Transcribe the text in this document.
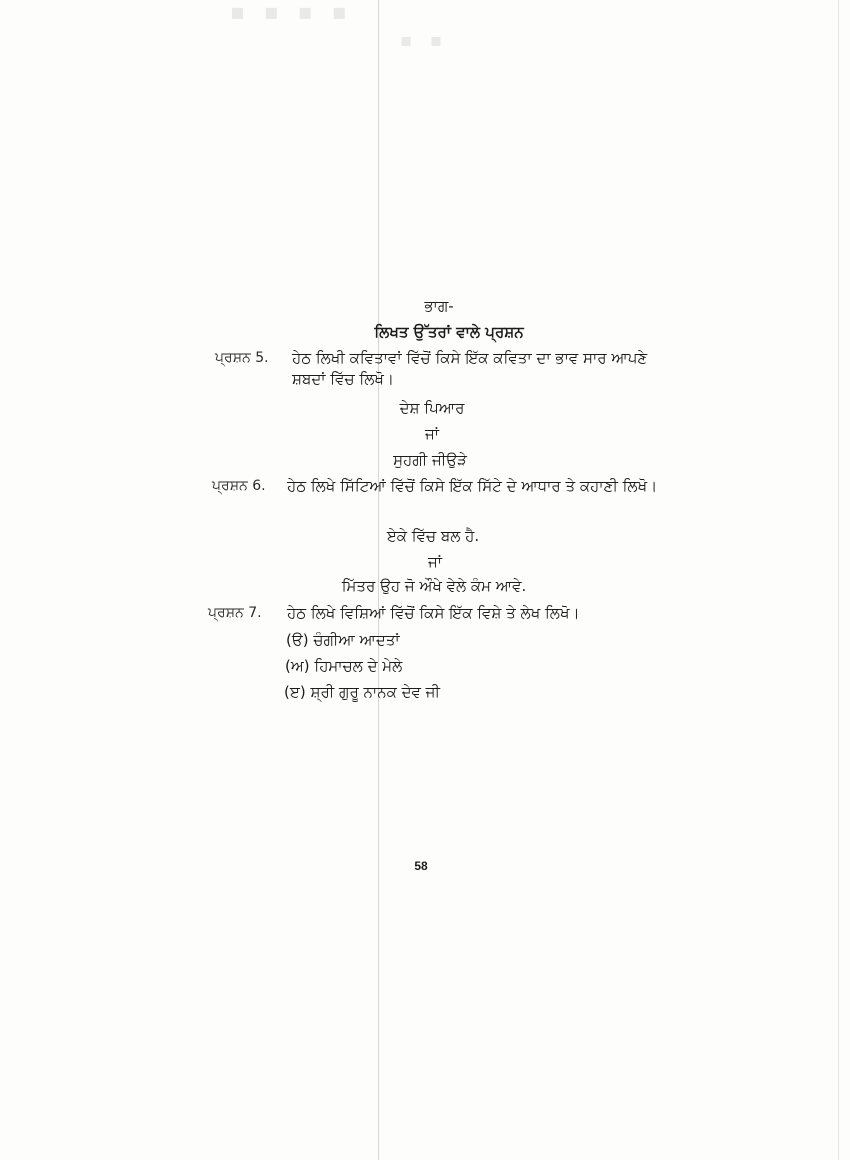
▪ ▪ ▪ ▪
▪ ▪
ਭਾਗ-
ਲਿਖਤ ਉੱਤਰਾਂ ਵਾਲੇ ਪ੍ਰਸ਼ਨ
ਪ੍ਰਸ਼ਨ 5. ਹੇਠ ਲਿਖੀ ਕਵਿਤਾਵਾਂ ਵਿੱਚੋਂ ਕਿਸੇ ਇੱਕ ਕਵਿਤਾ ਦਾ ਭਾਵ ਸਾਰ ਆਪਣੇ ਸ਼ਬਦਾਂ ਵਿੱਚ ਲਿਖੋ।
ਦੇਸ਼ ਪਿਆਰ
ਜਾਂ
ਸੁਹਗੀ ਜੀਉੜੇ
ਪ੍ਰਸ਼ਨ 6. ਹੇਠ ਲਿਖੇ ਸਿੱਟਿਆਂ ਵਿੱਚੋਂ ਕਿਸੇ ਇੱਕ ਸਿੱਟੇ ਦੇ ਆਧਾਰ ਤੇ ਕਹਾਣੀ ਲਿਖੋ।
ਏਕੇ ਵਿੱਚ ਬਲ ਹੈ.
ਜਾਂ
ਮਿੱਤਰ ਉਹ ਜੋ ਔਖੇ ਵੇਲੇ ਕੰਮ ਆਵੇ.
ਪ੍ਰਸ਼ਨ 7. ਹੇਠ ਲਿਖੇ ਵਿਸ਼ਿਆਂ ਵਿੱਚੋਂ ਕਿਸੇ ਇੱਕ ਵਿਸ਼ੇ ਤੇ ਲੇਖ ਲਿਖੋ।
(ੳ) ਚੰਗੀਆ ਆਦਤਾਂ
(ਅ) ਹਿਮਾਚਲ ਦੇ ਮੇਲੇ
(ੲ) ਸ਼੍ਰੀ ਗੁਰੂ ਨਾਨਕ ਦੇਵ ਜੀ
58
